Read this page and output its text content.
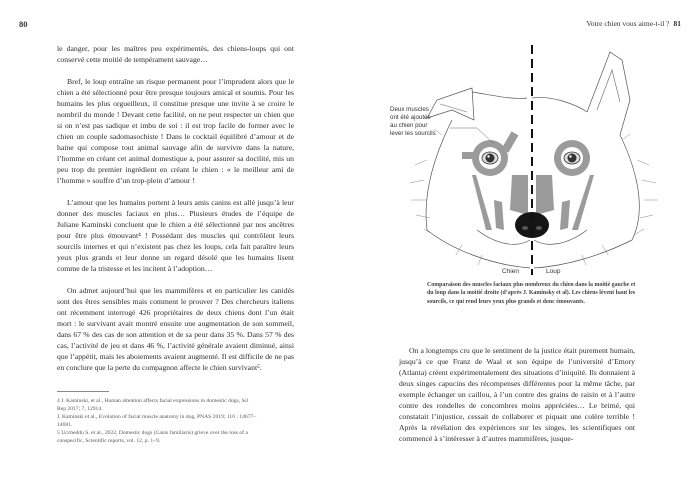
80

le danger, pour les maîtres peu expérimentés, des chiens-loups qui ont conservé cette moitié de tempérament sauvage…

Bref, le loup entraîne un risque permanent pour l’imprudent alors que le chien a été sélectionné pour être presque toujours amical et soumis. Pour les humains les plus orgueilleux, il constitue presque une invite à se croire le nombril du monde ! Devant cette facilité, on ne peut respecter un chien que si on n’est pas sadique et imbu de soi : il est trop facile de former avec le chien un couple sadomasochiste ! Dans le cocktail équilibré d’amour et de haine qui compose tout animal sauvage afin de survivre dans la nature, l’homme en créant cet animal domestique a, pour assurer sa docilité, mis un peu trop du premier ingrédient en créant le chien : « le meilleur ami de l’homme » souffre d’un trop-plein d’amour !

L’amour que les humains portent à leurs amis canins est allé jusqu’à leur donner des muscles faciaux en plus… Plusieurs études de l’équipe de Juliane Kaminski concluent que le chien a été sélectionné par nos ancêtres pour être plus émouvant⁴ ! Possédant des muscles qui contrôlent leurs sourcils internes et qui n’existent pas chez les loups, cela fait paraître leurs yeux plus grands et leur donne un regard désolé que les humains lisent comme de la tristesse et les incitent à l’adoption…

On admet aujourd’hui que les mammifères et en particulier les canidés sont des êtres sensibles mais comment le prouver ? Des chercheurs italiens ont récemment interrogé 426 propriétaires de deux chiens dont l’un était mort : le survivant avait montré ensuite une augmentation de son sommeil, dans 67 % des cas de son attention et de sa peur dans 35 %. Dans 57 % des cas, l’activité de jeu et dans 46 %, l’activité générale avaient diminué, ainsi que l’appétit, mais les aboiements avaient augmenté. Il est difficile de ne pas en conclure que la perte du compagnon affecte le chien survivant⁵.

4 J. Kaminski, et al., Human attention affects facial expressions in domestic dogs, Sci Rep 2017; 7, 12914.
J. Kaminski et al., Evolution of facial muscle anatomy in dog, PNAS 2019; 116 : 14677–14681.
5 Uccheddu S. et al., 2022, Domestic dogs (Canis familiaris) grieve over the loss of a conspecific, Scientific reports, vol. 12, p. 1–9.
Votre chien vous aime-t-il ? 81
Deux muscles
ont été ajoutés
au chien pour
lever les sourcils
Chien	Loup
Comparaison des muscles faciaux plus nombreux du chien dans la moitié gauche et du loup dans la moitié droite (d’après J. Kaminsky et al). Les chiens lèvent haut les sourcils, ce qui rend leurs yeux plus grands et donc émouvants.

On a longtemps cru que le sentiment de la justice était purement humain, jusqu’à ce que Franz de Waal et son équipe de l’université d’Emory (Atlanta) créent expérimentalement des situations d’iniquité. Ils donnaient à deux singes capucins des récompenses différentes pour la même tâche, par exemple échanger un caillou, à l’un contre des grains de raisin et à l’autre contre des rondelles de concombres moins appréciées… Le brimé, qui constatait l’injustice, cessait de collaborer et piquait une colère terrible ! Après la révélation des expériences sur les singes, les scientifiques ont commencé à s’intéresser à d’autres mammifères, jusque-
